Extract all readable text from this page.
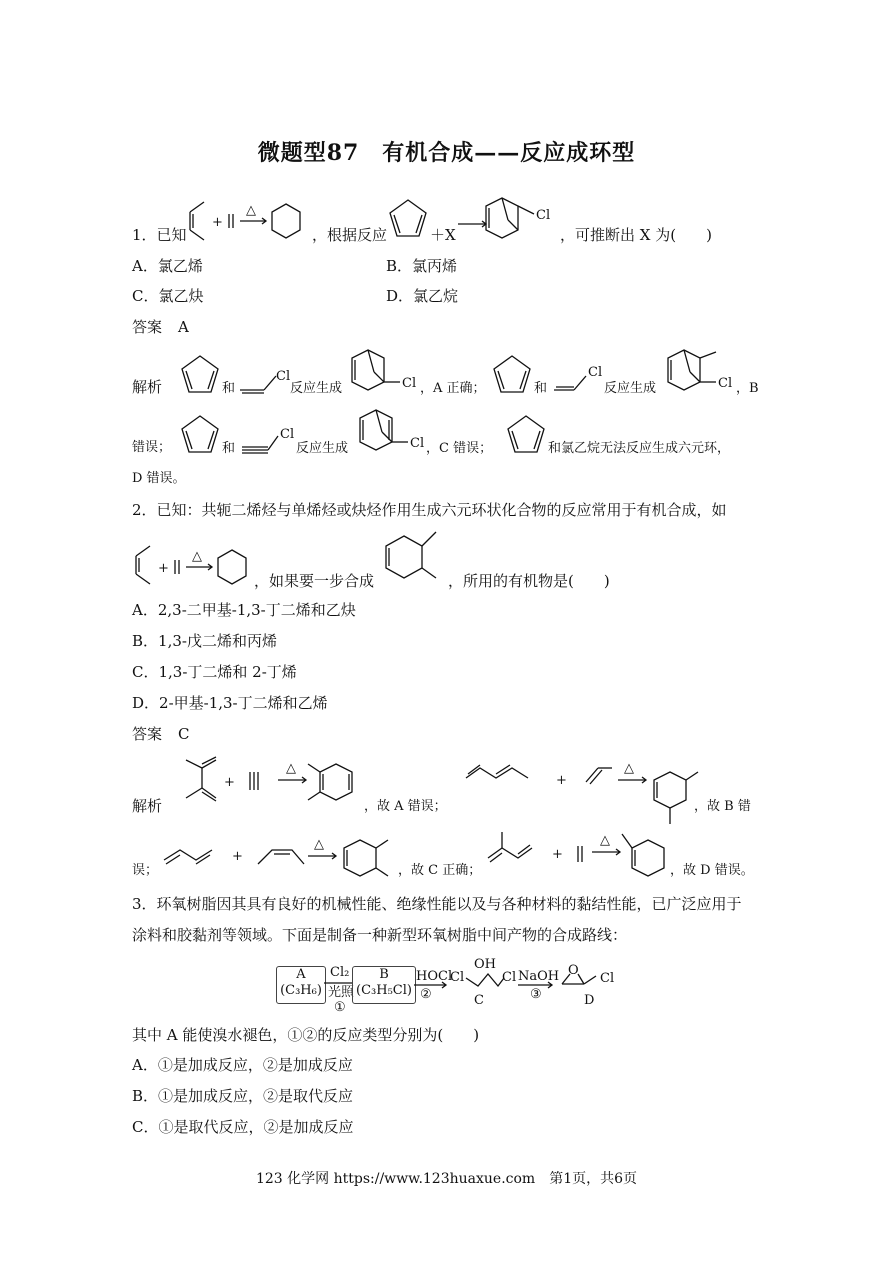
微题型87　有机合成——反应成环型
1．已知
+
△
，根据反应	＋X
Cl
，可推断出 X 为(　　)
A．氯乙烯	B．氯丙烯
C．氯乙炔	D．氯乙烷
答案 A
解析	和
Cl
反应生成	Cl ，A 正确；	和
Cl
反应生成	Cl ，B
错误；	和
Cl
反应生成	Cl ，C 错误；	和氯乙烷无法反应生成六元环，
D 错误。
2．已知：共轭二烯烃与单烯烃或炔烃作用生成六元环状化合物的反应常用于有机合成，如
+
△
，如果要一步合成	，所用的有机物是(　　)
A．2,3-二甲基-1,3-丁二烯和乙炔
B．1,3-戊二烯和丙烯
C．1,3-丁二烯和 2-丁烯
D．2-甲基-1,3-丁二烯和乙烯
答案 C
解析
+
△
，故 A 错误；
+
△
，故 B 错
误；
+
△
，故 C 正确；
+
△
，故 D 错误。
3．环氧树脂因其具有良好的机械性能、绝缘性能以及与各种材料的黏结性能，已广泛应用于
涂料和胶黏剂等领域。下面是制备一种新型环氧树脂中间产物的合成路线：
A
(C₃H₆)
Cl₂
光照
①
B
(C₃H₅Cl)
HOCl
②
Cl
OH
Cl
C
NaOH
③
O
Cl
D
其中 A 能使溴水褪色，①②的反应类型分别为(　　)
A．①是加成反应，②是加成反应
B．①是加成反应，②是取代反应
C．①是取代反应，②是加成反应
123 化学网 https://www.123huaxue.com　第1页，共6页
